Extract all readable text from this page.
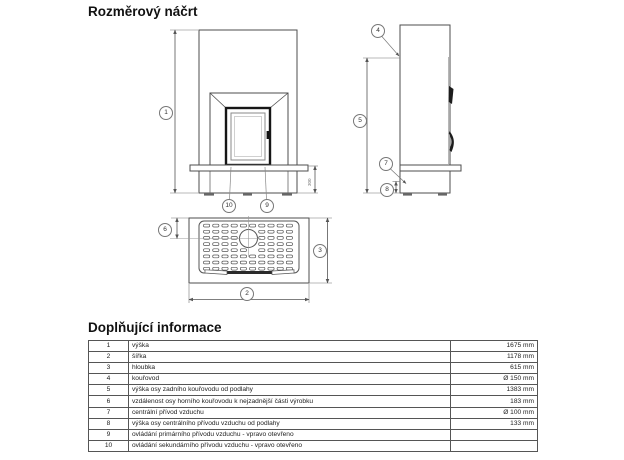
Rozměrový náčrt
300
1
2
3
4
5
6
7
8
9
10
Doplňující informace
1	výška	1675 mm
2	šířka	1178 mm
3	hloubka	615 mm
4	kouřovod	Ø 150 mm
5	výška osy zadního kouřovodu od podlahy	1383 mm
6	vzdálenost osy horního kouřovodu k nejzadnější části výrobku	183 mm
7	centrální přívod vzduchu	Ø 100 mm
8	výška osy centrálního přívodu vzduchu od podlahy	133 mm
9	ovládání primárního přívodu vzduchu - vpravo otevřeno	
10	ovládání sekundárního přívodu vzduchu - vpravo otevřeno	
